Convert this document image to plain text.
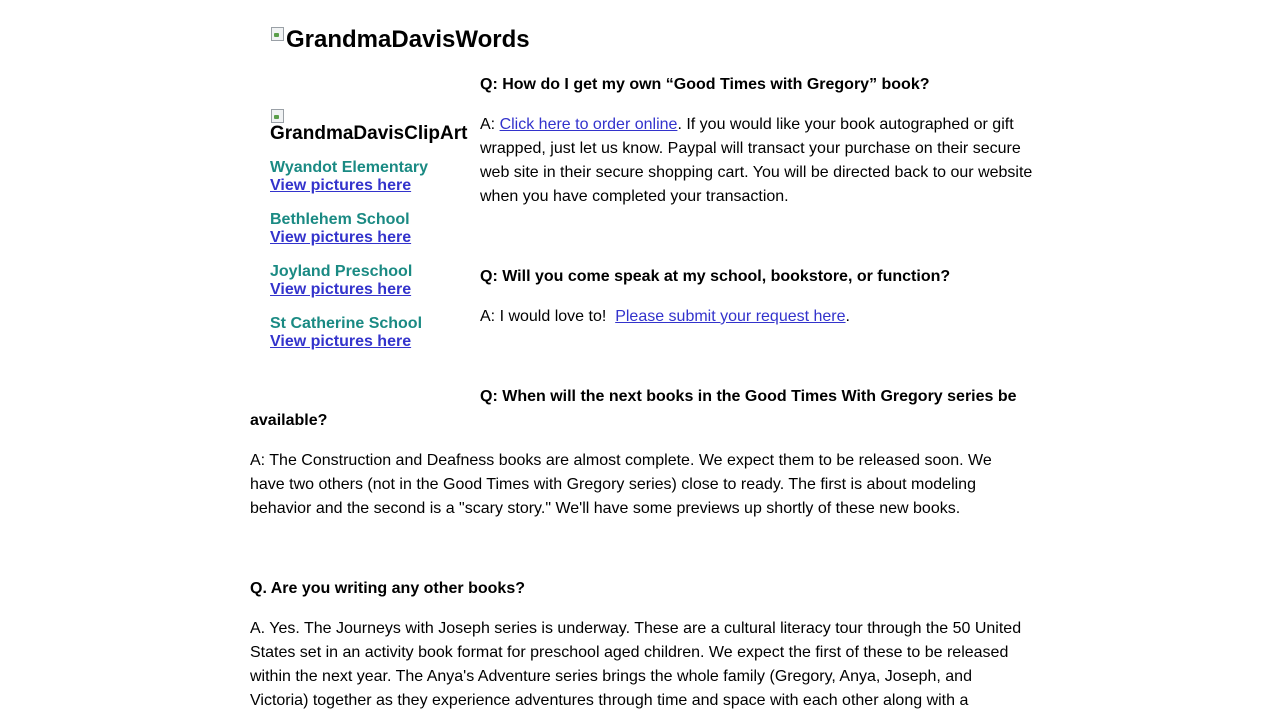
GrandmaDavisWords
GrandmaDavisClipArt
Wyandot Elementary
View pictures here
Bethlehem School
View pictures here
Joyland Preschool
View pictures here
St Catherine School
View pictures here
Q: How do I get my own “Good Times with Gregory” book?
A: Click here to order online. If you would like your book autographed or gift wrapped, just let us know. Paypal will transact your purchase on their secure web site in their secure shopping cart. You will be directed back to our website when you have completed your transaction.
Q: Will you come speak at my school, bookstore, or function?
A: I would love to!  Please submit your request here.
Q: When will the next books in the Good Times With Gregory series be
available?
A: The Construction and Deafness books are almost complete. We expect them to be released soon. We have two others (not in the Good Times with Gregory series) close to ready. The first is about modeling behavior and the second is a "scary story." We'll have some previews up shortly of these new books.
Q. Are you writing any other books?
A. Yes. The Journeys with Joseph series is underway. These are a cultural literacy tour through the 50 United States set in an activity book format for preschool aged children. We expect the first of these to be released within the next year. The Anya's Adventure series brings the whole family (Gregory, Anya, Joseph, and Victoria) together as they experience adventures through time and space with each other along with a
